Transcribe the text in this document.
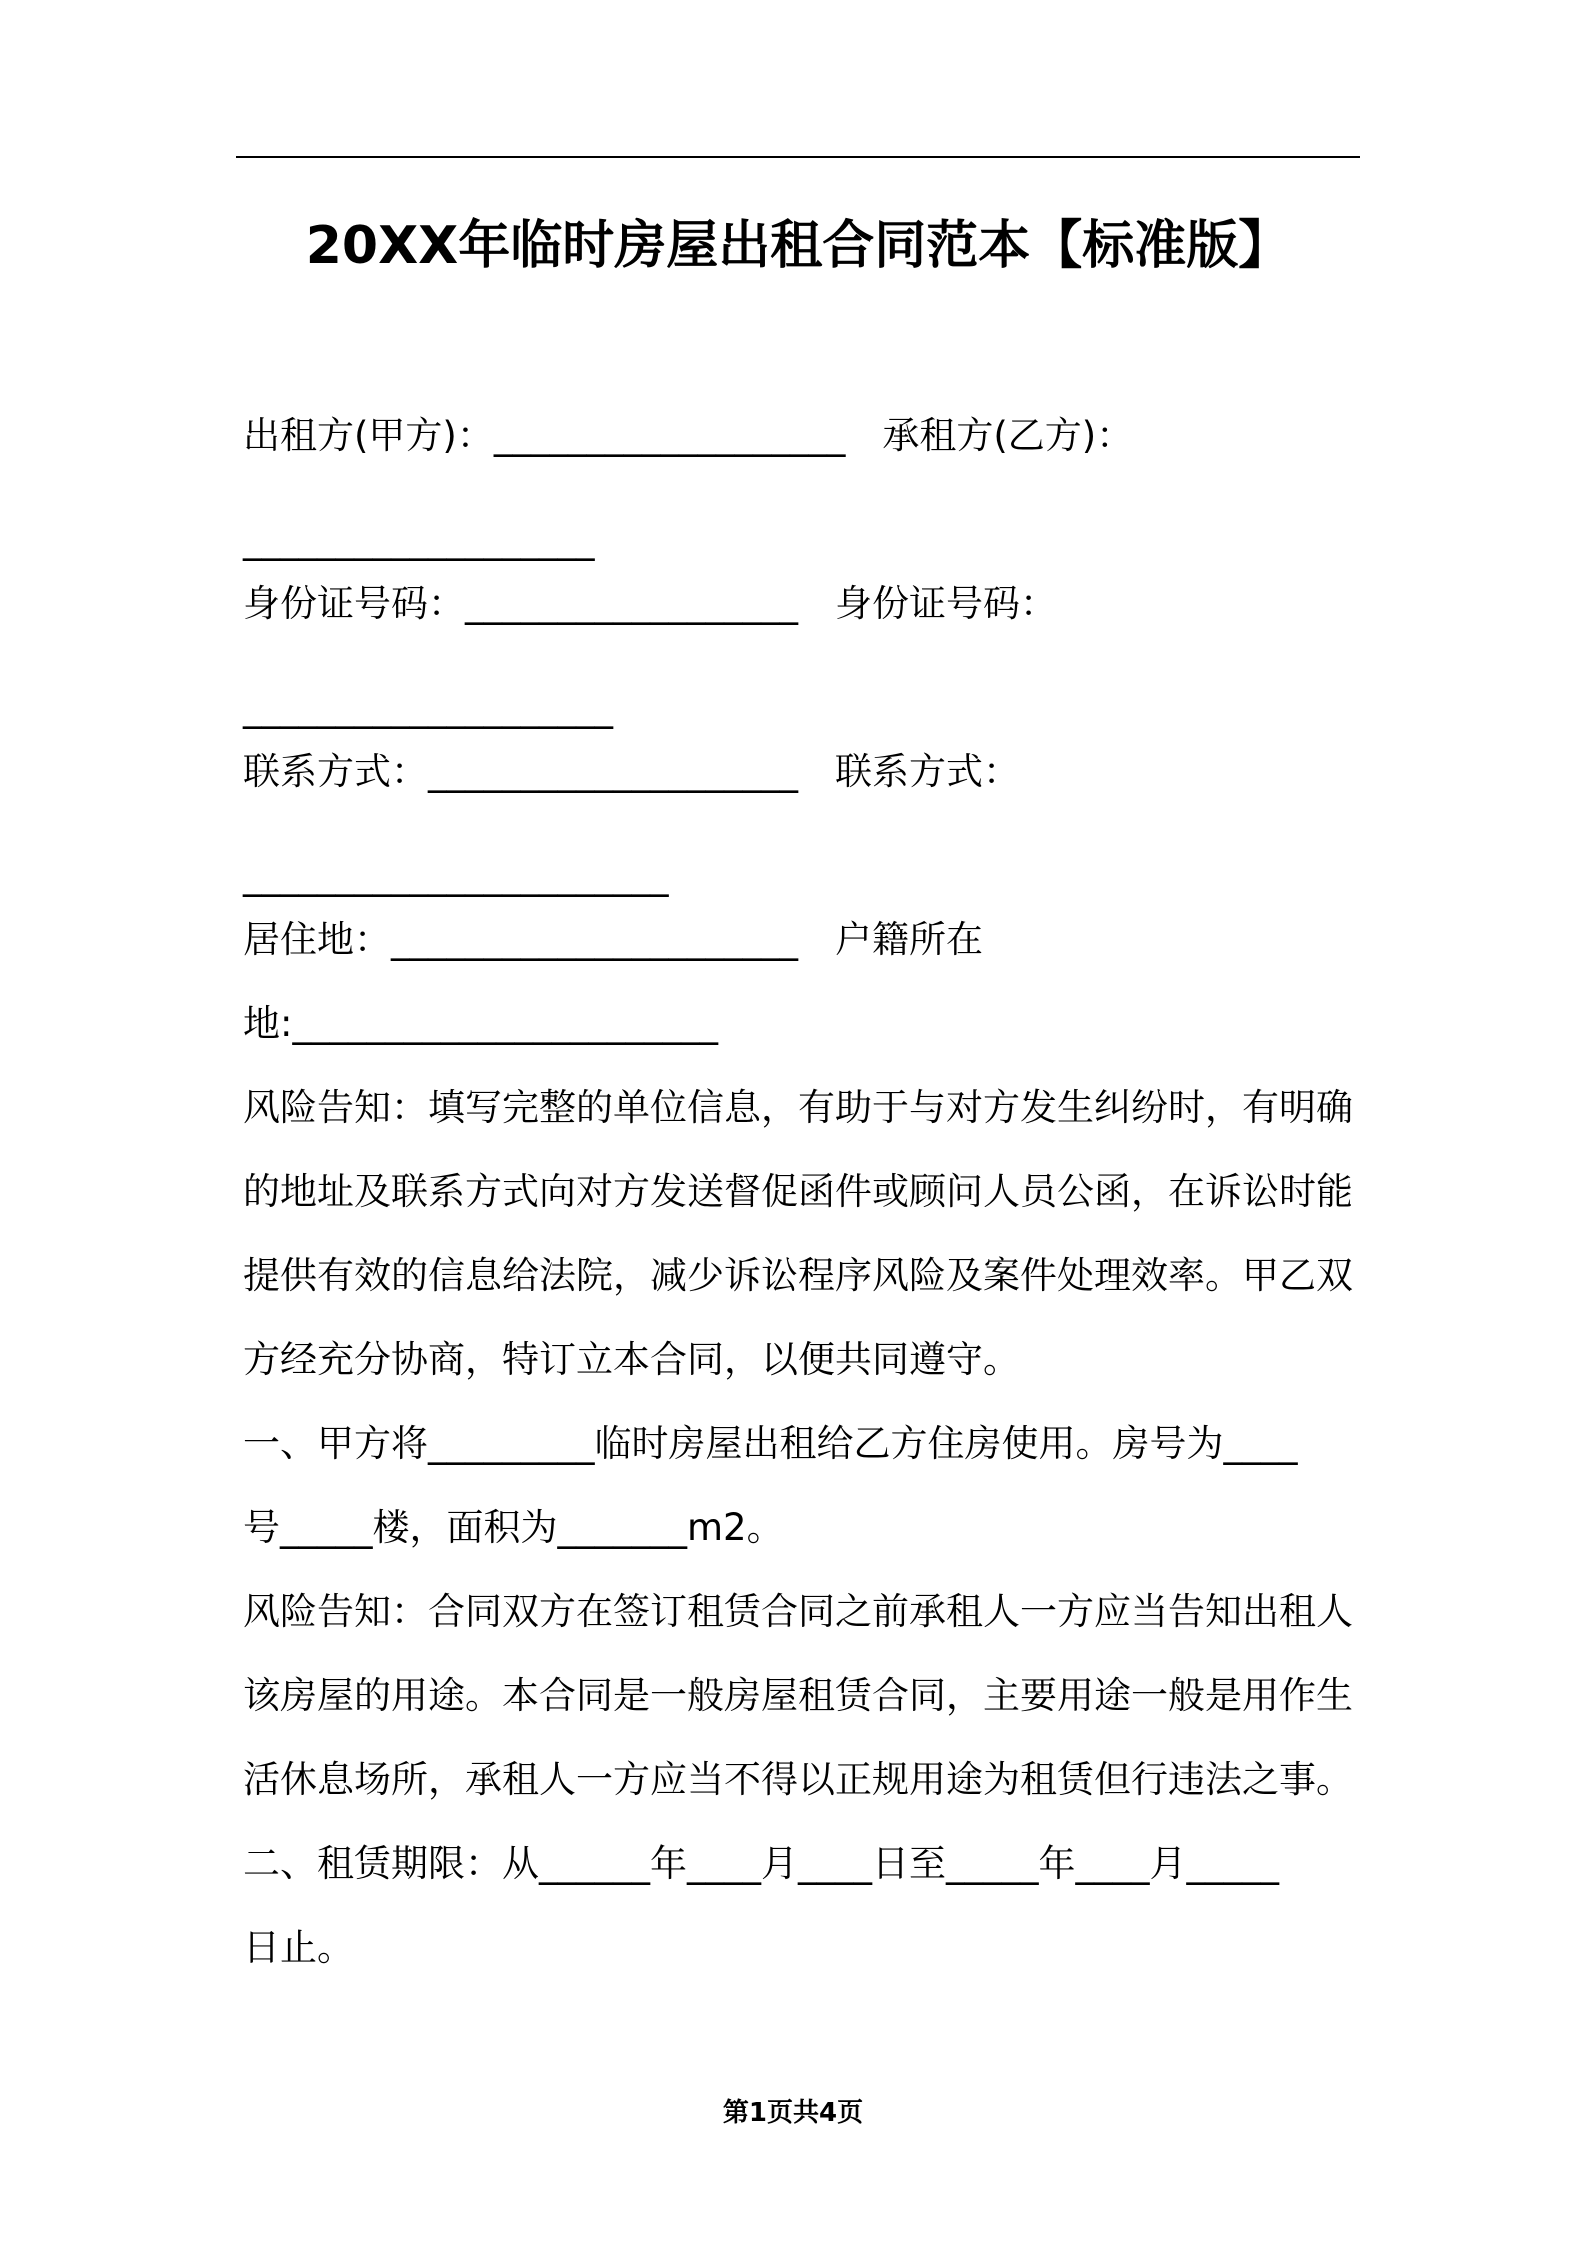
20XX年临时房屋出租合同范本【标准版】
出租方(甲方)：___________________　承租方(乙方)：
___________________
身份证号码：__________________　身份证号码：
____________________
联系方式：____________________　联系方式：
_______________________
居住地：______________________　户籍所在
地:_______________________
风险告知：填写完整的单位信息，有助于与对方发生纠纷时，有明确
的地址及联系方式向对方发送督促函件或顾问人员公函，在诉讼时能
提供有效的信息给法院，减少诉讼程序风险及案件处理效率。甲乙双
方经充分协商，特订立本合同，以便共同遵守。
一、甲方将_________临时房屋出租给乙方住房使用。房号为____
号_____楼，面积为_______m2。
风险告知：合同双方在签订租赁合同之前承租人一方应当告知出租人
该房屋的用途。本合同是一般房屋租赁合同，主要用途一般是用作生
活休息场所，承租人一方应当不得以正规用途为租赁但行违法之事。
二、租赁期限：从______年____月____日至_____年____月_____
日止。
第1页共4页
